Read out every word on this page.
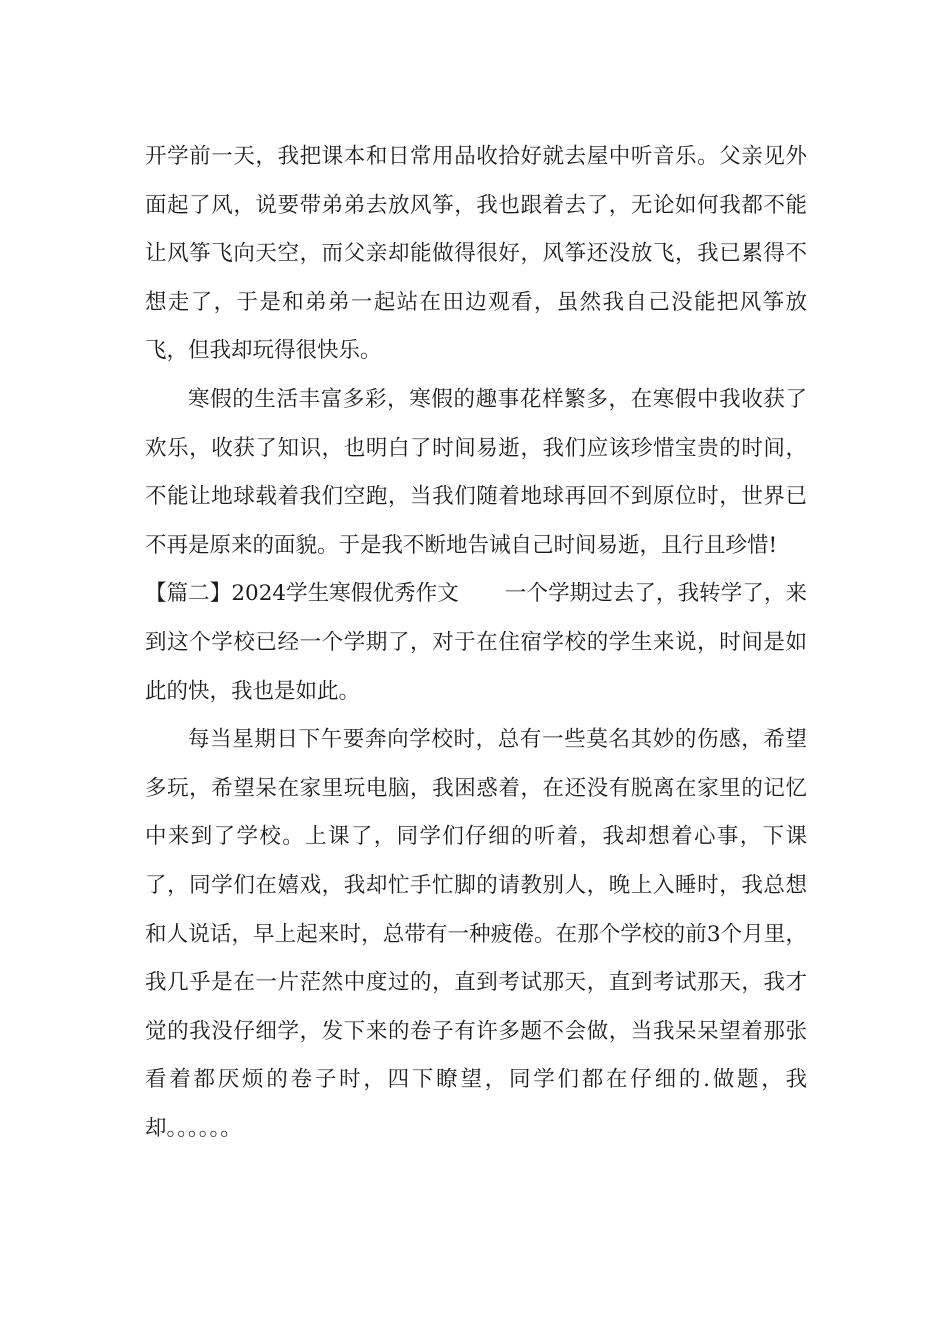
开学前一天，我把课本和日常用品收拾好就去屋中听音乐。父亲见外面起了风，说要带弟弟去放风筝，我也跟着去了，无论如何我都不能让风筝飞向天空，而父亲却能做得很好，风筝还没放飞，我已累得不想走了，于是和弟弟一起站在田边观看，虽然我自己没能把风筝放飞，但我却玩得很快乐。

寒假的生活丰富多彩，寒假的趣事花样繁多，在寒假中我收获了欢乐，收获了知识，也明白了时间易逝，我们应该珍惜宝贵的时间，不能让地球载着我们空跑，当我们随着地球再回不到原位时，世界已不再是原来的面貌。于是我不断地告诫自己时间易逝，且行且珍惜!

【篇二】2024学生寒假优秀作文 一个学期过去了，我转学了，来到这个学校已经一个学期了，对于在住宿学校的学生来说，时间是如此的快，我也是如此。

每当星期日下午要奔向学校时，总有一些莫名其妙的伤感，希望多玩，希望呆在家里玩电脑，我困惑着，在还没有脱离在家里的记忆中来到了学校。上课了，同学们仔细的听着，我却想着心事，下课了，同学们在嬉戏，我却忙手忙脚的请教别人，晚上入睡时，我总想和人说话，早上起来时，总带有一种疲倦。在那个学校的前3个月里，我几乎是在一片茫然中度过的，直到考试那天，直到考试那天，我才觉的我没仔细学，发下来的卷子有许多题不会做，当我呆呆望着那张看着都厌烦的卷子时，四下瞭望，同学们都在仔细的.做题，我却。。。。。。
